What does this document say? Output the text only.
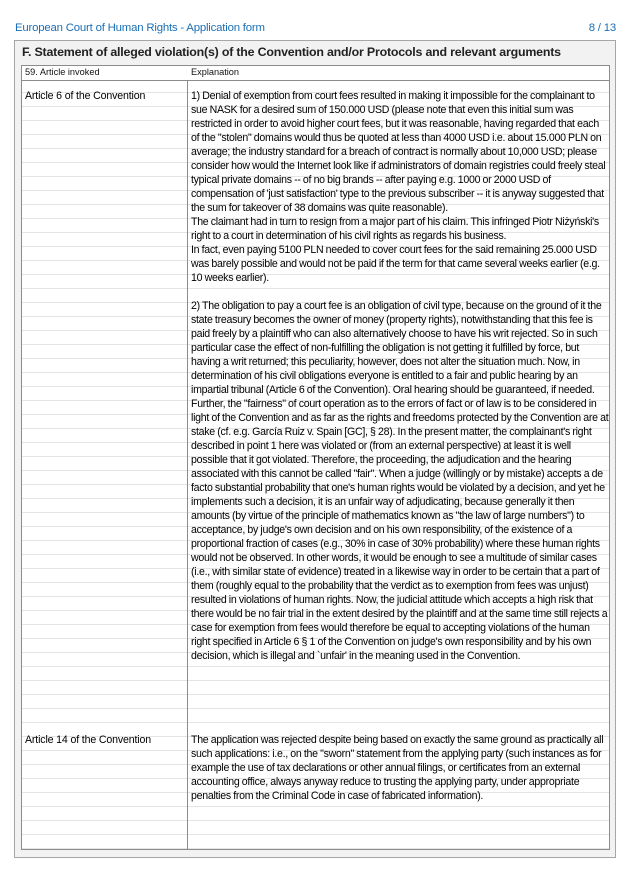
European Court of Human Rights - Application form	8 / 13
F. Statement of alleged violation(s) of the Convention and/or Protocols and relevant arguments
59. Article invoked	Explanation
Article 6 of the Convention	1) Denial of exemption from court fees resulted in making it impossible for the complainant to sue NASK for a desired sum of 150.000 USD (please note that even this initial sum was restricted in order to avoid higher court fees, but it was reasonable, having regarded that each of the "stolen" domains would thus be quoted at less than 4000 USD i.e. about 15.000 PLN on average; the industry standard for a breach of contract is normally about 10,000 USD; please consider how would the Internet look like if administrators of domain registries could freely steal typical private domains -- of no big brands -- after paying e.g. 1000 or 2000 USD of compensation of 'just satisfaction' type to the previous subscriber -- it is anyway suggested that the sum for takeover of 38 domains was quite reasonable).

The claimant had in turn to resign from a major part of his claim. This infringed Piotr Niżyński's right to a court in determination of his civil rights as regards his business.

In fact, even paying 5100 PLN needed to cover court fees for the said remaining 25.000 USD was barely possible and would not be paid if the term for that came several weeks earlier (e.g. 10 weeks earlier).

2) The obligation to pay a court fee is an obligation of civil type, because on the ground of it the state treasury becomes the owner of money (property rights), notwithstanding that this fee is paid freely by a plaintiff who can also alternatively choose to have his writ rejected. So in such particular case the effect of non-fulfilling the obligation is not getting it fulfilled by force, but having a writ returned; this peculiarity, however, does not alter the situation much. Now, in determination of his civil obligations everyone is entitled to a fair and public hearing by an impartial tribunal (Article 6 of the Convention). Oral hearing should be guaranteed, if needed. Further, the "fairness" of court operation as to the errors of fact or of law is to be considered in light of the Convention and as far as the rights and freedoms protected by the Convention are at stake (cf. e.g. García Ruiz v. Spain [GC], § 28). In the present matter, the complainant's right described in point 1 here was violated or (from an external perspective) at least it is well possible that it got violated. Therefore, the proceeding, the adjudication and the hearing associated with this cannot be called "fair". When a judge (willingly or by mistake) accepts a de facto substantial probability that one's human rights would be violated by a decision, and yet he implements such a decision, it is an unfair way of adjudicating, because generally it then amounts (by virtue of the principle of mathematics known as "the law of large numbers") to acceptance, by judge's own decision and on his own responsibility, of the existence of a proportional fraction of cases (e.g., 30% in case of 30% probability) where these human rights would not be observed. In other words, it would be enough to see a multitude of similar cases (i.e., with similar state of evidence) treated in a likewise way in order to be certain that a part of them (roughly equal to the probability that the verdict as to exemption from fees was unjust) resulted in violations of human rights. Now, the judicial attitude which accepts a high risk that there would be no fair trial in the extent desired by the plaintiff and at the same time still rejects a case for exemption from fees would therefore be equal to accepting violations of the human right specified in Article 6 § 1 of the Convention on judge's own responsibility and by his own decision, which is illegal and `unfair' in the meaning used in the Convention.

Article 14 of the Convention	The application was rejected despite being based on exactly the same ground as practically all such applications: i.e., on the "sworn" statement from the applying party (such instances as for example the use of tax declarations or other annual filings, or certificates from an external accounting office, always anyway reduce to trusting the applying party, under appropriate penalties from the Criminal Code in case of fabricated information).
